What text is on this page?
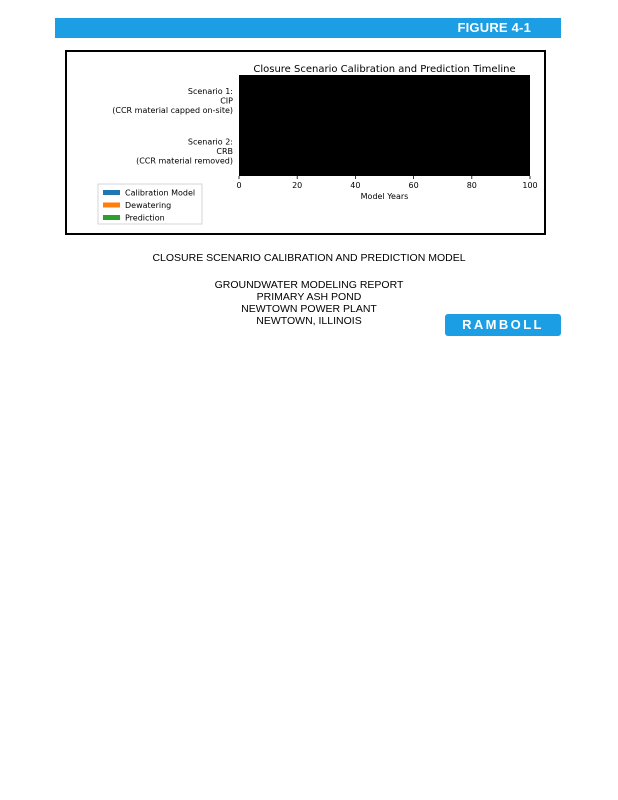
FIGURE 4-1
Closure Scenario Calibration and Prediction Timeline
Scenario 1:
CIP
(CCR material capped on-site)
Scenario 2:
CRB
(CCR material removed)
0	20	40	60	80	100
Model Years
Calibration Model
Dewatering
Prediction
CLOSURE SCENARIO CALIBRATION AND PREDICTION MODEL
GROUNDWATER MODELING REPORT
PRIMARY ASH POND
NEWTOWN POWER PLANT
NEWTOWN, ILLINOIS	RAMBOLL
